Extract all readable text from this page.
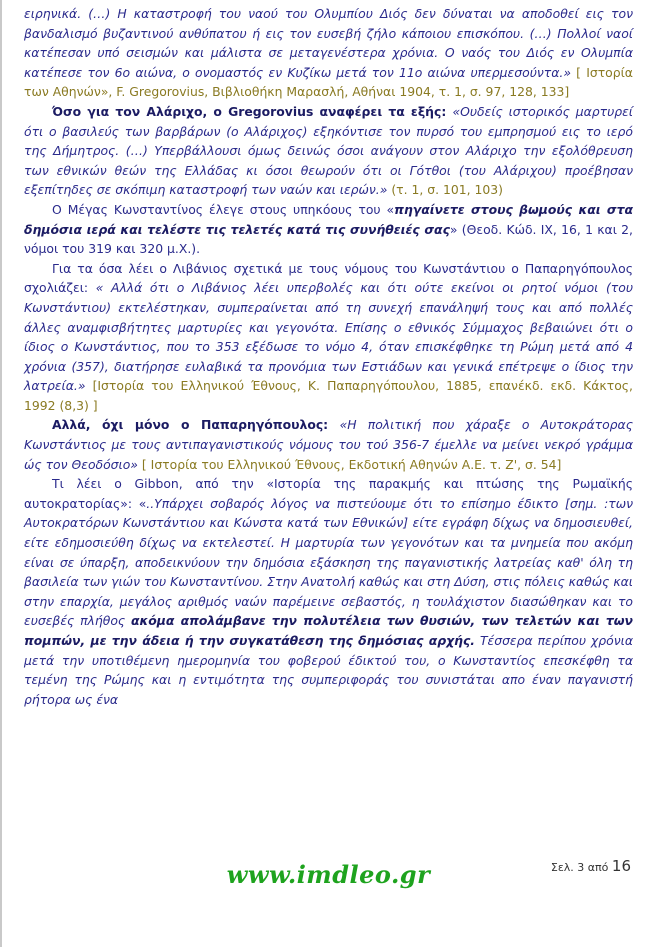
ειρηνικά. (…) Η καταστροφή του ναού του Ολυμπίου Διός δεν δύναται να αποδοθεί εις τον βανδαλισμό βυζαντινού ανθύπατου ή εις τον ευσεβή ζήλο κάποιου επισκόπου. (…) Πολλοί ναοί κατέπεσαν υπό σεισμών και μάλιστα σε μεταγενέστερα χρόνια. Ο ναός του Διός εν Ολυμπία κατέπεσε τον 6ο αιώνα, ο ονομαστός εν Κυζίκω μετά τον 11ο αιώνα υπερμεσούντα.» [ Ιστορία των Αθηνών», F. Gregorovius, Βιβλιοθήκη Μαρασλή, Αθήναι 1904, τ. 1, σ. 97, 128, 133]

Όσο για τον Αλάριχο, ο Gregorovius αναφέρει τα εξής: «Ουδείς ιστορικός μαρτυρεί ότι ο βασιλεύς των βαρβάρων (ο Αλάριχος) εξηκόντισε τον πυρσό του εμπρησμού εις το ιερό της Δήμητρος. (…) Υπερβάλλουσι όμως δεινώς όσοι ανάγουν στον Αλάριχο την εξολόθρευση των εθνικών θεών της Ελλάδας κι όσοι θεωρούν ότι οι Γότθοι (του Αλάριχου) προέβησαν εξεπίτηδες σε σκόπιμη καταστροφή των ναών και ιερών.» (τ. 1, σ. 101, 103)

Ο Μέγας Κωνσταντίνος έλεγε στους υπηκόους του «πηγαίνετε στους βωμούς και στα δημόσια ιερά και τελέστε τις τελετές κατά τις συνήθειές σας» (Θεοδ. Κώδ. IX, 16, 1 και 2, νόμοι του 319 και 320 μ.Χ.).

Για τα όσα λέει ο Λιβάνιος σχετικά με τους νόμους του Κωνστάντιου ο Παπαρηγόπουλος σχολιάζει: « Αλλά ότι ο Λιβάνιος λέει υπερβολές και ότι ούτε εκείνοι οι ρητοί νόμοι (του Κωνστάντιου) εκτελέστηκαν, συμπεραίνεται από τη συνεχή επανάληψή τους και από πολλές άλλες αναμφισβήτητες μαρτυρίες και γεγονότα. Επίσης ο εθνικός Σύμμαχος βεβαιώνει ότι ο ίδιος ο Κωνστάντιος, που το 353 εξέδωσε το νόμο 4, όταν επισκέφθηκε τη Ρώμη μετά από 4 χρόνια (357), διατήρησε ευλαβικά τα προνόμια των Εστιάδων και γενικά επέτρεψε ο ίδιος την λατρεία.» [Ιστορία του Ελληνικού Έθνους, Κ. Παπαρηγόπουλου, 1885, επανέκδ. εκδ. Κάκτος, 1992 (8,3) ]

Αλλά, όχι μόνο ο Παπαρηγόπουλος: «Η πολιτική που χάραξε ο Αυτοκράτορας Κωνστάντιος με τους αντιπαγανιστικούς νόμους του τού 356-7 έμελλε να μείνει νεκρό γράμμα ώς τον Θεοδόσιο» [ Ιστορία του Ελληνικού Έθνους, Εκδοτική Αθηνών Α.Ε. τ. Ζ', σ. 54]

Τι λέει ο Gibbon, από την «Ιστορία της παρακμής και πτώσης της Ρωμαϊκής αυτοκρατορίας»: «..Υπάρχει σοβαρός λόγος να πιστεύουμε ότι το επίσημο έδικτο [σημ. :των Αυτοκρατόρων Κωνστάντιου και Κώνστα κατά των Εθνικών] είτε εγράφη δίχως να δημοσιευθεί, είτε εδημοσιεύθη δίχως να εκτελεστεί. Η μαρτυρία των γεγονότων και τα μνημεία που ακόμη είναι σε ύπαρξη, αποδεικνύουν την δημόσια εξάσκηση της παγανιστικής λατρείας καθ' όλη τη βασιλεία των γιών του Κωνσταντίνου. Στην Ανατολή καθώς και στη Δύση, στις πόλεις καθώς και στην επαρχία, μεγάλος αριθμός ναών παρέμεινε σεβαστός, η τουλάχιστον διασώθηκαν και το ευσεβές πλήθος ακόμα απολάμβανε την πολυτέλεια των θυσιών, των τελετών και των πομπών, με την άδεια ή την συγκατάθεση της δημόσιας αρχής. Τέσσερα περίπου χρόνια μετά την υποτιθέμενη ημερομηνία του φοβερού έδικτού του, ο Κωνσταντίος επεσκέφθη τα τεμένη της Ρώμης και η εντιμότητα της συμπεριφοράς του συνιστάται απο έναν παγανιστή ρήτορα ως ένα

www.imdleo.gr	Σελ. 3 από 16
